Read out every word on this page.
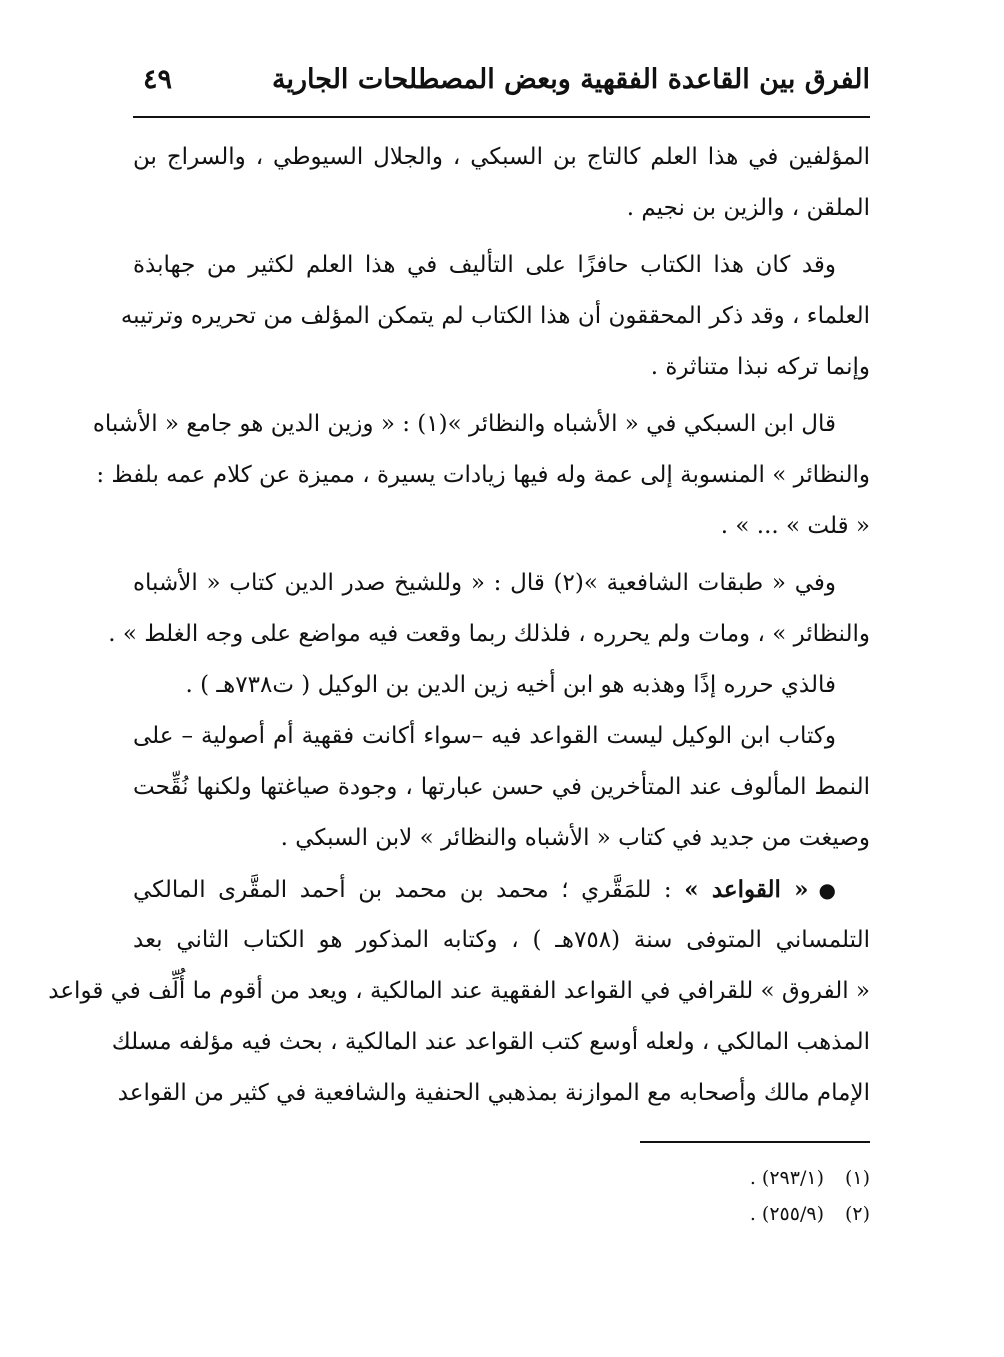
الفرق بين القاعدة الفقهية وبعض المصطلحات الجارية
٤٩
المؤلفين في هذا العلم كالتاج بن السبكي ، والجلال السيوطي ، والسراج بن
الملقن ، والزين بن نجيم .
وقد كان هذا الكتاب حافزًا على التأليف في هذا العلم لكثير من جهابذة
العلماء ، وقد ذكر المحققون أن هذا الكتاب لم يتمكن المؤلف من تحريره وترتيبه
وإنما تركه نبذا متناثرة .
قال ابن السبكي في « الأشباه والنظائر »(١) : « وزين الدين هو جامع « الأشباه
والنظائر » المنسوبة إلى عمة وله فيها زيادات يسيرة ، مميزة عن كلام عمه بلفظ :
« قلت » ... » .
وفي « طبقات الشافعية »(٢) قال : « وللشيخ صدر الدين كتاب « الأشباه
والنظائر » ، ومات ولم يحرره ، فلذلك ربما وقعت فيه مواضع على وجه الغلط » .
فالذي حرره إذًا وهذبه هو ابن أخيه زين الدين بن الوكيل ( ت٧٣٨هـ ) .
وكتاب ابن الوكيل ليست القواعد فيه –سواء أكانت فقهية أم أصولية – على
النمط المألوف عند المتأخرين في حسن عبارتها ، وجودة صياغتها ولكنها نُقِّحت
وصيغت من جديد في كتاب « الأشباه والنظائر » لابن السبكي .
●« القواعد » : للمَقَّري ؛ محمد بن محمد بن أحمد المقَّرى المالكي
التلمساني المتوفى سنة (٧٥٨هـ ) ، وكتابه المذكور هو الكتاب الثاني بعد
« الفروق » للقرافي في القواعد الفقهية عند المالكية ، ويعد من أقوم ما أُلِّف في قواعد
المذهب المالكي ، ولعله أوسع كتب القواعد عند المالكية ، بحث فيه مؤلفه مسلك
الإمام مالك وأصحابه مع الموازنة بمذهبي الحنفية والشافعية في كثير من القواعد
(١)(٢٩٣/١) .
(٢)(٢٥٥/٩) .
